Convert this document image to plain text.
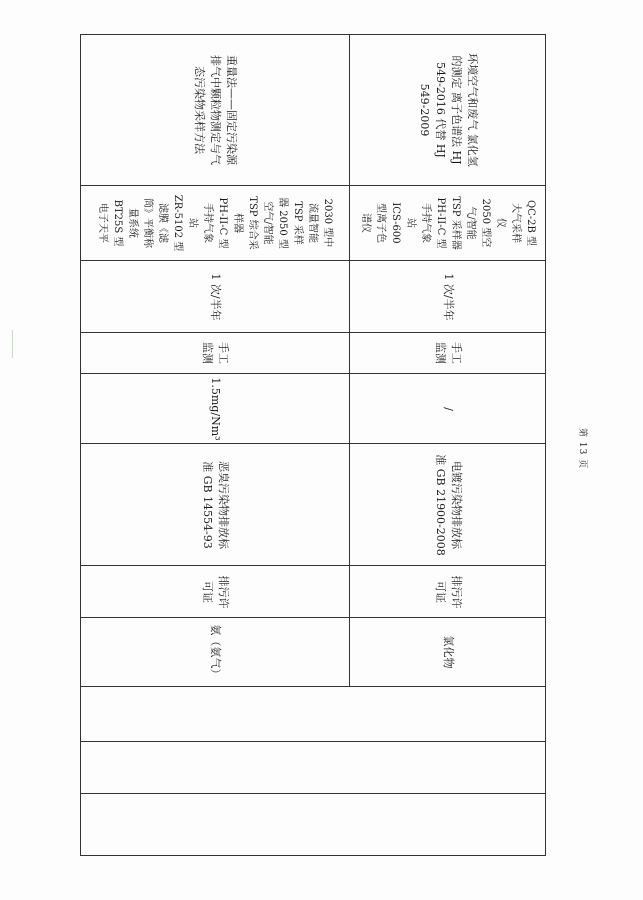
重量法——固定污染源
排气中颗粒物测定与气
态污染物采样方法
2030 型中
流量智能
TSP 采样
器 2050 型
空气/智能
TSP 综合采
样器
PH-II-C 型
手持气象
站
ZR-5102 型
滤膜《滤
筒》平衡称
量系统
BT25S 型
电子天平
1 次/半年
手工
监测
1.5mg/Nm³
恶臭污染物排放标
准 GB 14554-93
排污许
可证
氨（氨气）
环境空气和废气 氯化氢
的测定 离子色谱法 HJ
549-2016 代替 HJ
549-2009
QC-2B 型
大气采样
仪
2050 型空
气/智能
TSP 采样器
PH-II-C 型
手持气象
站
ICS-600
型离子色
谱仪
1 次/半年
手工
监测
/
电镀污染物排放标
准 GB 21900-2008
排污许
可证
氯化物
第 13 页
